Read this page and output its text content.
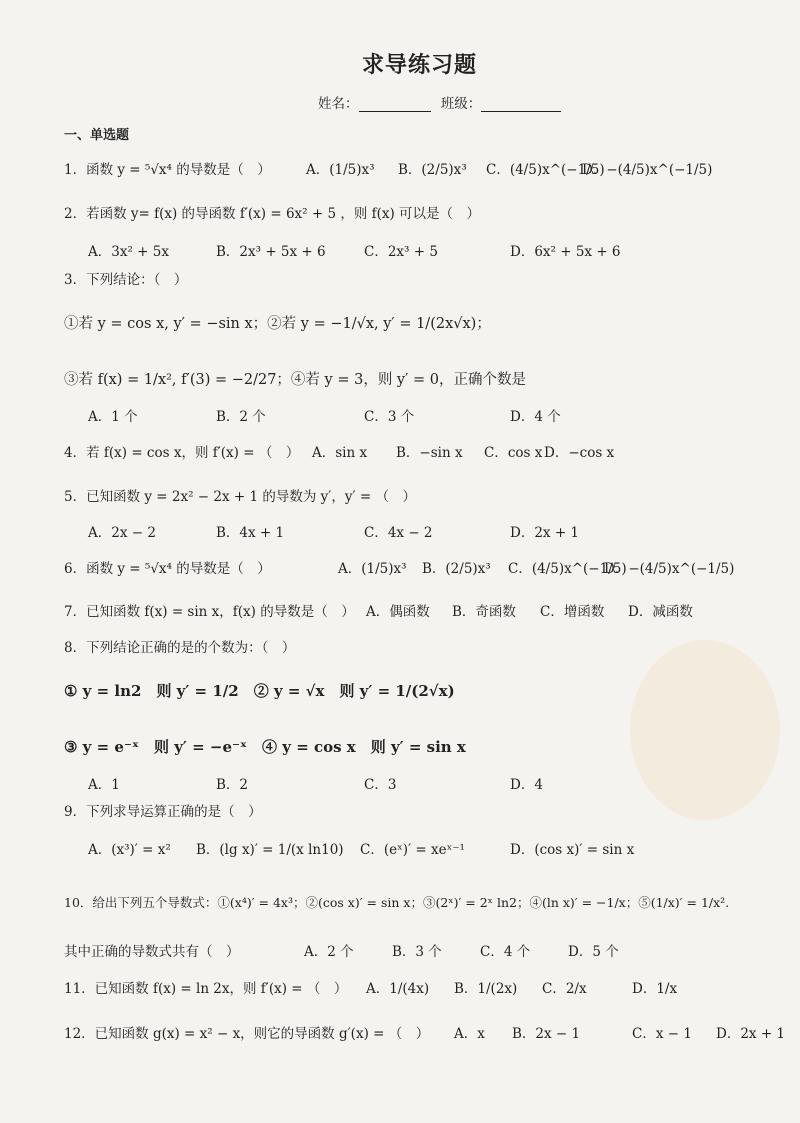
求导练习题
姓名：	班级：
一、单选题
1．函数 y = ⁵√x⁴ 的导数是（　）	A．(1/5)x³ B．(2/5)x³ C．(4/5)x^(−1/5)
D．−(4/5)x^(−1/5)
2．若函数 y= f(x) 的导函数 f′(x) = 6x² + 5 ，则 f(x) 可以是（　）
A．3x² + 5x	B．2x³ + 5x + 6	C．2x³ + 5	D．6x² + 5x + 6
3．下列结论：（　）
①若 y = cos x, y′ = −sin x；②若 y = −1/√x, y′ = 1/(2x√x)；
③若 f(x) = 1/x², f′(3) = −2/27；④若 y = 3，则 y′ = 0，正确个数是
A．1 个	B．2 个	C．3 个	D．4 个
4．若 f(x) = cos x，则 f′(x) = （　） A．sin x B．−sin x C．cos x D．−cos x
5．已知函数 y = 2x² − 2x + 1 的导数为 y′，y′ = （　）
A．2x − 2	B．4x + 1	C．4x − 2	D．2x + 1
6．函数 y = ⁵√x⁴ 的导数是（　）	A．(1/5)x³ B．(2/5)x³ C．(4/5)x^(−1/5)
D．−(4/5)x^(−1/5)
7．已知函数 f(x) = sin x，f(x) 的导数是（　） A．偶函数 B．奇函数 C．增函数 D．减函数
8．下列结论正确的是的个数为：（　）
① y = ln2　则 y′ = 1/2　② y = √x　则 y′ = 1/(2√x)
③ y = e⁻ˣ　则 y′ = −e⁻ˣ　④ y = cos x　则 y′ = sin x
A．1	B．2	C．3	D．4
9．下列求导运算正确的是（　）
A．(x³)′ = x² B．(lg x)′ = 1/(x ln10) C．(eˣ)′ = xeˣ⁻¹	D．(cos x)′ = sin x
10．给出下列五个导数式：①(x⁴)′ = 4x³；②(cos x)′ = sin x；③(2ˣ)′ = 2ˣ ln2；④(ln x)′ = −1/x；⑤(1/x)′ = 1/x².
其中正确的导数式共有（　）	A．2 个	B．3 个	C．4 个	D．5 个
11．已知函数 f(x) = ln 2x，则 f′(x) = （　） A．1/(4x) B．1/(2x) C．2/x	D．1/x
12．已知函数 g(x) = x² − x，则它的导函数 g′(x) = （　） A．x B．2x − 1	C．x − 1 D．2x + 1
